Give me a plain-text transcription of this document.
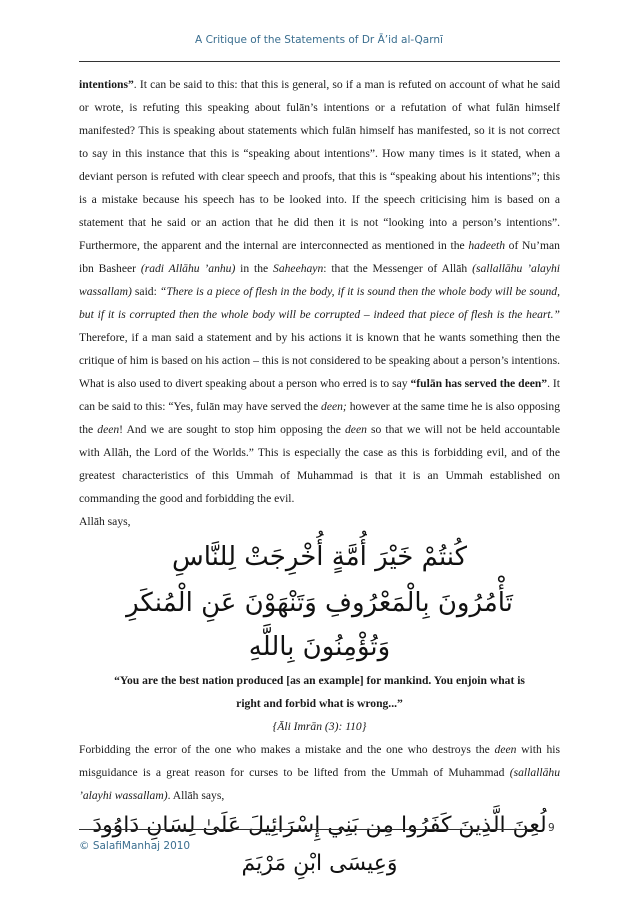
A Critique of the Statements of Dr Ā’id al-Qarnī

intentions”. It can be said to this: that this is general, so if a man is refuted on account of what he said or wrote, is refuting this speaking about fulān’s intentions or a refutation of what fulān himself manifested? This is speaking about statements which fulān himself has manifested, so it is not correct to say in this instance that this is “speaking about intentions”. How many times is it stated, when a deviant person is refuted with clear speech and proofs, that this is “speaking about his intentions”; this is a mistake because his speech has to be looked into. If the speech criticising him is based on a statement that he said or an action that he did then it is not “looking into a person’s intentions”. Furthermore, the apparent and the internal are interconnected as mentioned in the hadeeth of Nu’man ibn Basheer (radi Allāhu ’anhu) in the Saheehayn: that the Messenger of Allāh (sallallāhu ’alayhi wassallam) said: “There is a piece of flesh in the body, if it is sound then the whole body will be sound, but if it is corrupted then the whole body will be corrupted – indeed that piece of flesh is the heart.” Therefore, if a man said a statement and by his actions it is known that he wants something then the critique of him is based on his action – this is not considered to be speaking about a person’s intentions. What is also used to divert speaking about a person who erred is to say “fulān has served the deen”. It can be said to this: “Yes, fulān may have served the deen; however at the same time he is also opposing the deen! And we are sought to stop him opposing the deen so that we will not be held accountable with Allāh, the Lord of the Worlds.” This is especially the case as this is forbidding evil, and of the greatest characteristics of this Ummah of Muhammad is that it is an Ummah established on commanding the good and forbidding the evil.

Allāh says,

كُنتُمْ خَيْرَ أُمَّةٍ أُخْرِجَتْ لِلنَّاسِ

تَأْمُرُونَ بِالْمَعْرُوفِ وَتَنْهَوْنَ عَنِ الْمُنكَرِ وَتُؤْمِنُونَ بِاللَّهِ

“You are the best nation produced [as an example] for mankind. You enjoin what is
right and forbid what is wrong...”

{Āli Imrān (3): 110}

Forbidding the error of the one who makes a mistake and the one who destroys the deen with his misguidance is a great reason for curses to be lifted from the Ummah of Muhammad (sallallāhu ’alayhi wassallam). Allāh says,

لُعِنَ الَّذِينَ كَفَرُوا مِن بَنِي إِسْرَائِيلَ عَلَىٰ لِسَانِ دَاوُودَ وَعِيسَى ابْنِ مَرْيَمَ

9
© SalafiManhaj 2010
